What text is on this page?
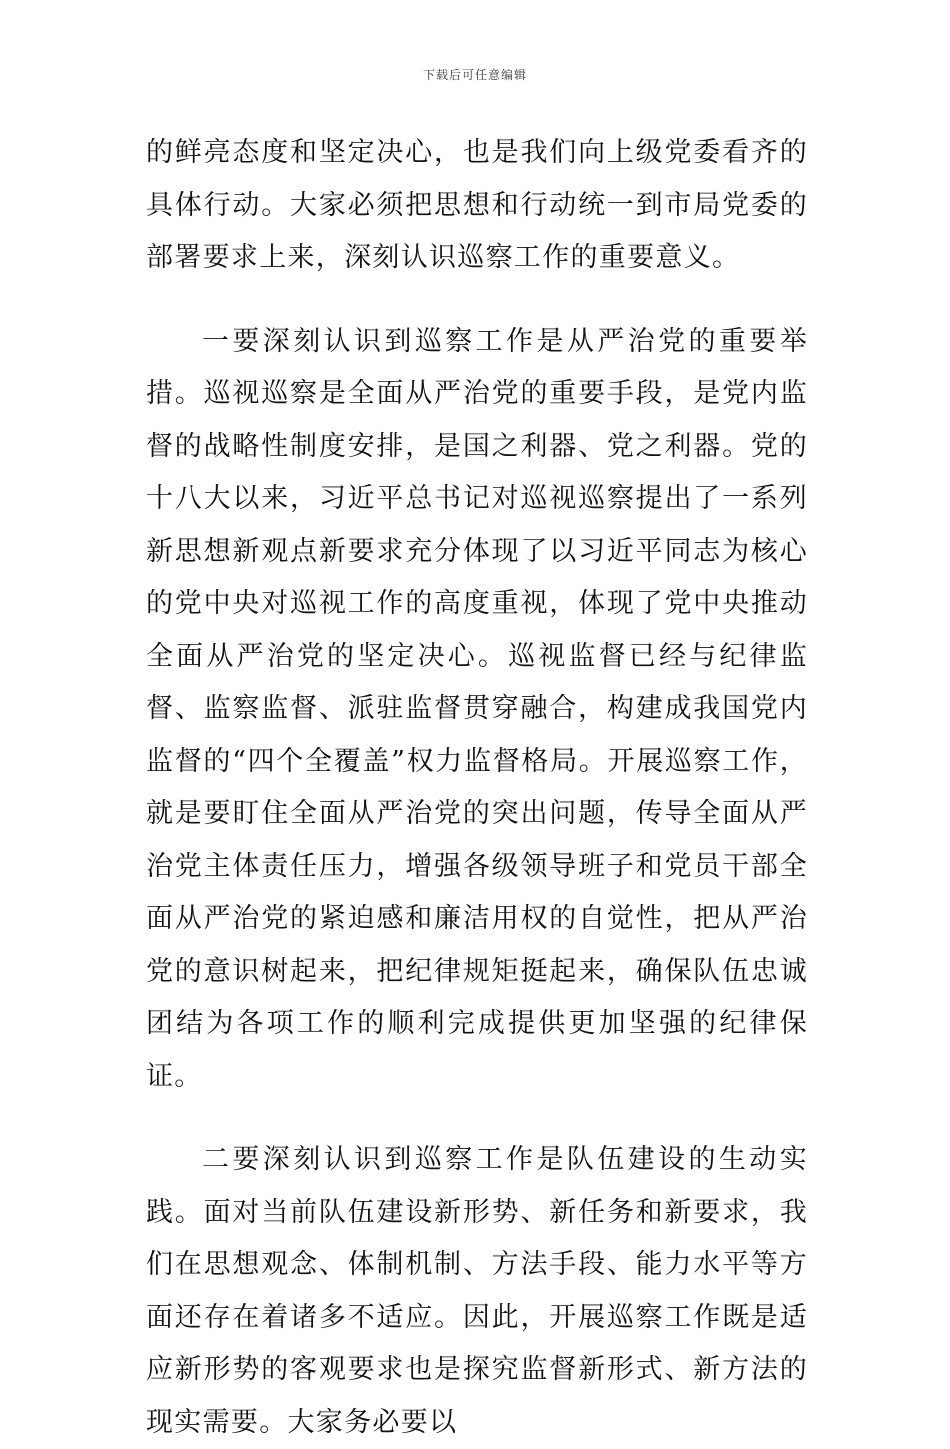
下载后可任意编辑

的鲜亮态度和坚定决心，也是我们向上级党委看齐的具体行动。大家必须把思想和行动统一到市局党委的部署要求上来，深刻认识巡察工作的重要意义。

一要深刻认识到巡察工作是从严治党的重要举措。巡视巡察是全面从严治党的重要手段，是党内监督的战略性制度安排，是国之利器、党之利器。党的十八大以来，习近平总书记对巡视巡察提出了一系列新思想新观点新要求充分体现了以习近平同志为核心的党中央对巡视工作的高度重视，体现了党中央推动全面从严治党的坚定决心。巡视监督已经与纪律监督、监察监督、派驻监督贯穿融合，构建成我国党内监督的“四个全覆盖”权力监督格局。开展巡察工作，就是要盯住全面从严治党的突出问题，传导全面从严治党主体责任压力，增强各级领导班子和党员干部全面从严治党的紧迫感和廉洁用权的自觉性，把从严治党的意识树起来，把纪律规矩挺起来，确保队伍忠诚团结为各项工作的顺利完成提供更加坚强的纪律保证。

二要深刻认识到巡察工作是队伍建设的生动实践。面对当前队伍建设新形势、新任务和新要求，我们在思想观念、体制机制、方法手段、能力水平等方面还存在着诸多不适应。因此，开展巡察工作既是适应新形势的客观要求也是探究监督新形式、新方法的现实需要。大家务必要以
